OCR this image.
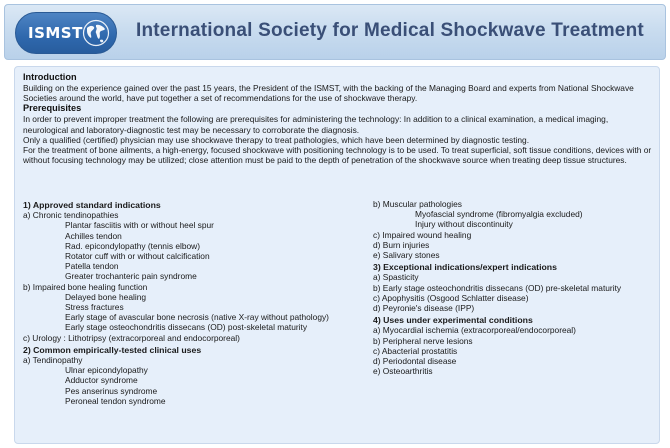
ISMST	International Society for Medical Shockwave Treatment
Introduction

Building on the experience gained over the past 15 years, the President of the ISMST, with the backing of the Managing Board and experts from National Shockwave Societies around the world, have put together a set of recommendations for the use of shockwave therapy.

Prerequisites

In order to prevent improper treatment the following are prerequisites for administering the technology: In addition to a clinical examination, a medical imaging, neurological and laboratory-diagnostic test may be necessary to corroborate the diagnosis.

Only a qualified (certified) physician may use shockwave therapy to treat pathologies, which have been determined by diagnostic testing.

For the treatment of bone ailments, a high-energy, focused shockwave with positioning technology is to be used. To treat superficial, soft tissue conditions, devices with or without focusing technology may be utilized; close attention must be paid to the depth of penetration of the shockwave source when treating deep tissue structures.

1) Approved standard indications
a) Chronic tendinopathies
Plantar fasciitis with or without heel spur
Achilles tendon
Rad. epicondylopathy (tennis elbow)
Rotator cuff with or without calcification
Patella tendon
Greater trochanteric pain syndrome
b) Impaired bone healing function
Delayed bone healing
Stress fractures
Early stage of avascular bone necrosis (native X-ray without pathology)
Early stage osteochondritis dissecans (OD) post-skeletal maturity
c) Urology : Lithotripsy (extracorporeal and endocorporeal)
2) Common empirically-tested clinical uses
a) Tendinopathy
Ulnar epicondylopathy
Adductor syndrome
Pes anserinus syndrome
Peroneal tendon syndrome
b) Muscular pathologies
Myofascial syndrome (fibromyalgia excluded)
Injury without discontinuity
c) Impaired wound healing
d) Burn injuries
e) Salivary stones
3) Exceptional indications/expert indications
a) Spasticity
b) Early stage osteochondritis dissecans (OD) pre-skeletal maturity
c) Apophysitis (Osgood Schlatter disease)
d) Peyronie's disease (IPP)
4) Uses under experimental conditions
a) Myocardial ischemia (extracorporeal/endocorporeal)
b) Peripheral nerve lesions
c) Abacterial prostatitis
d) Periodontal disease
e) Osteoarthritis
